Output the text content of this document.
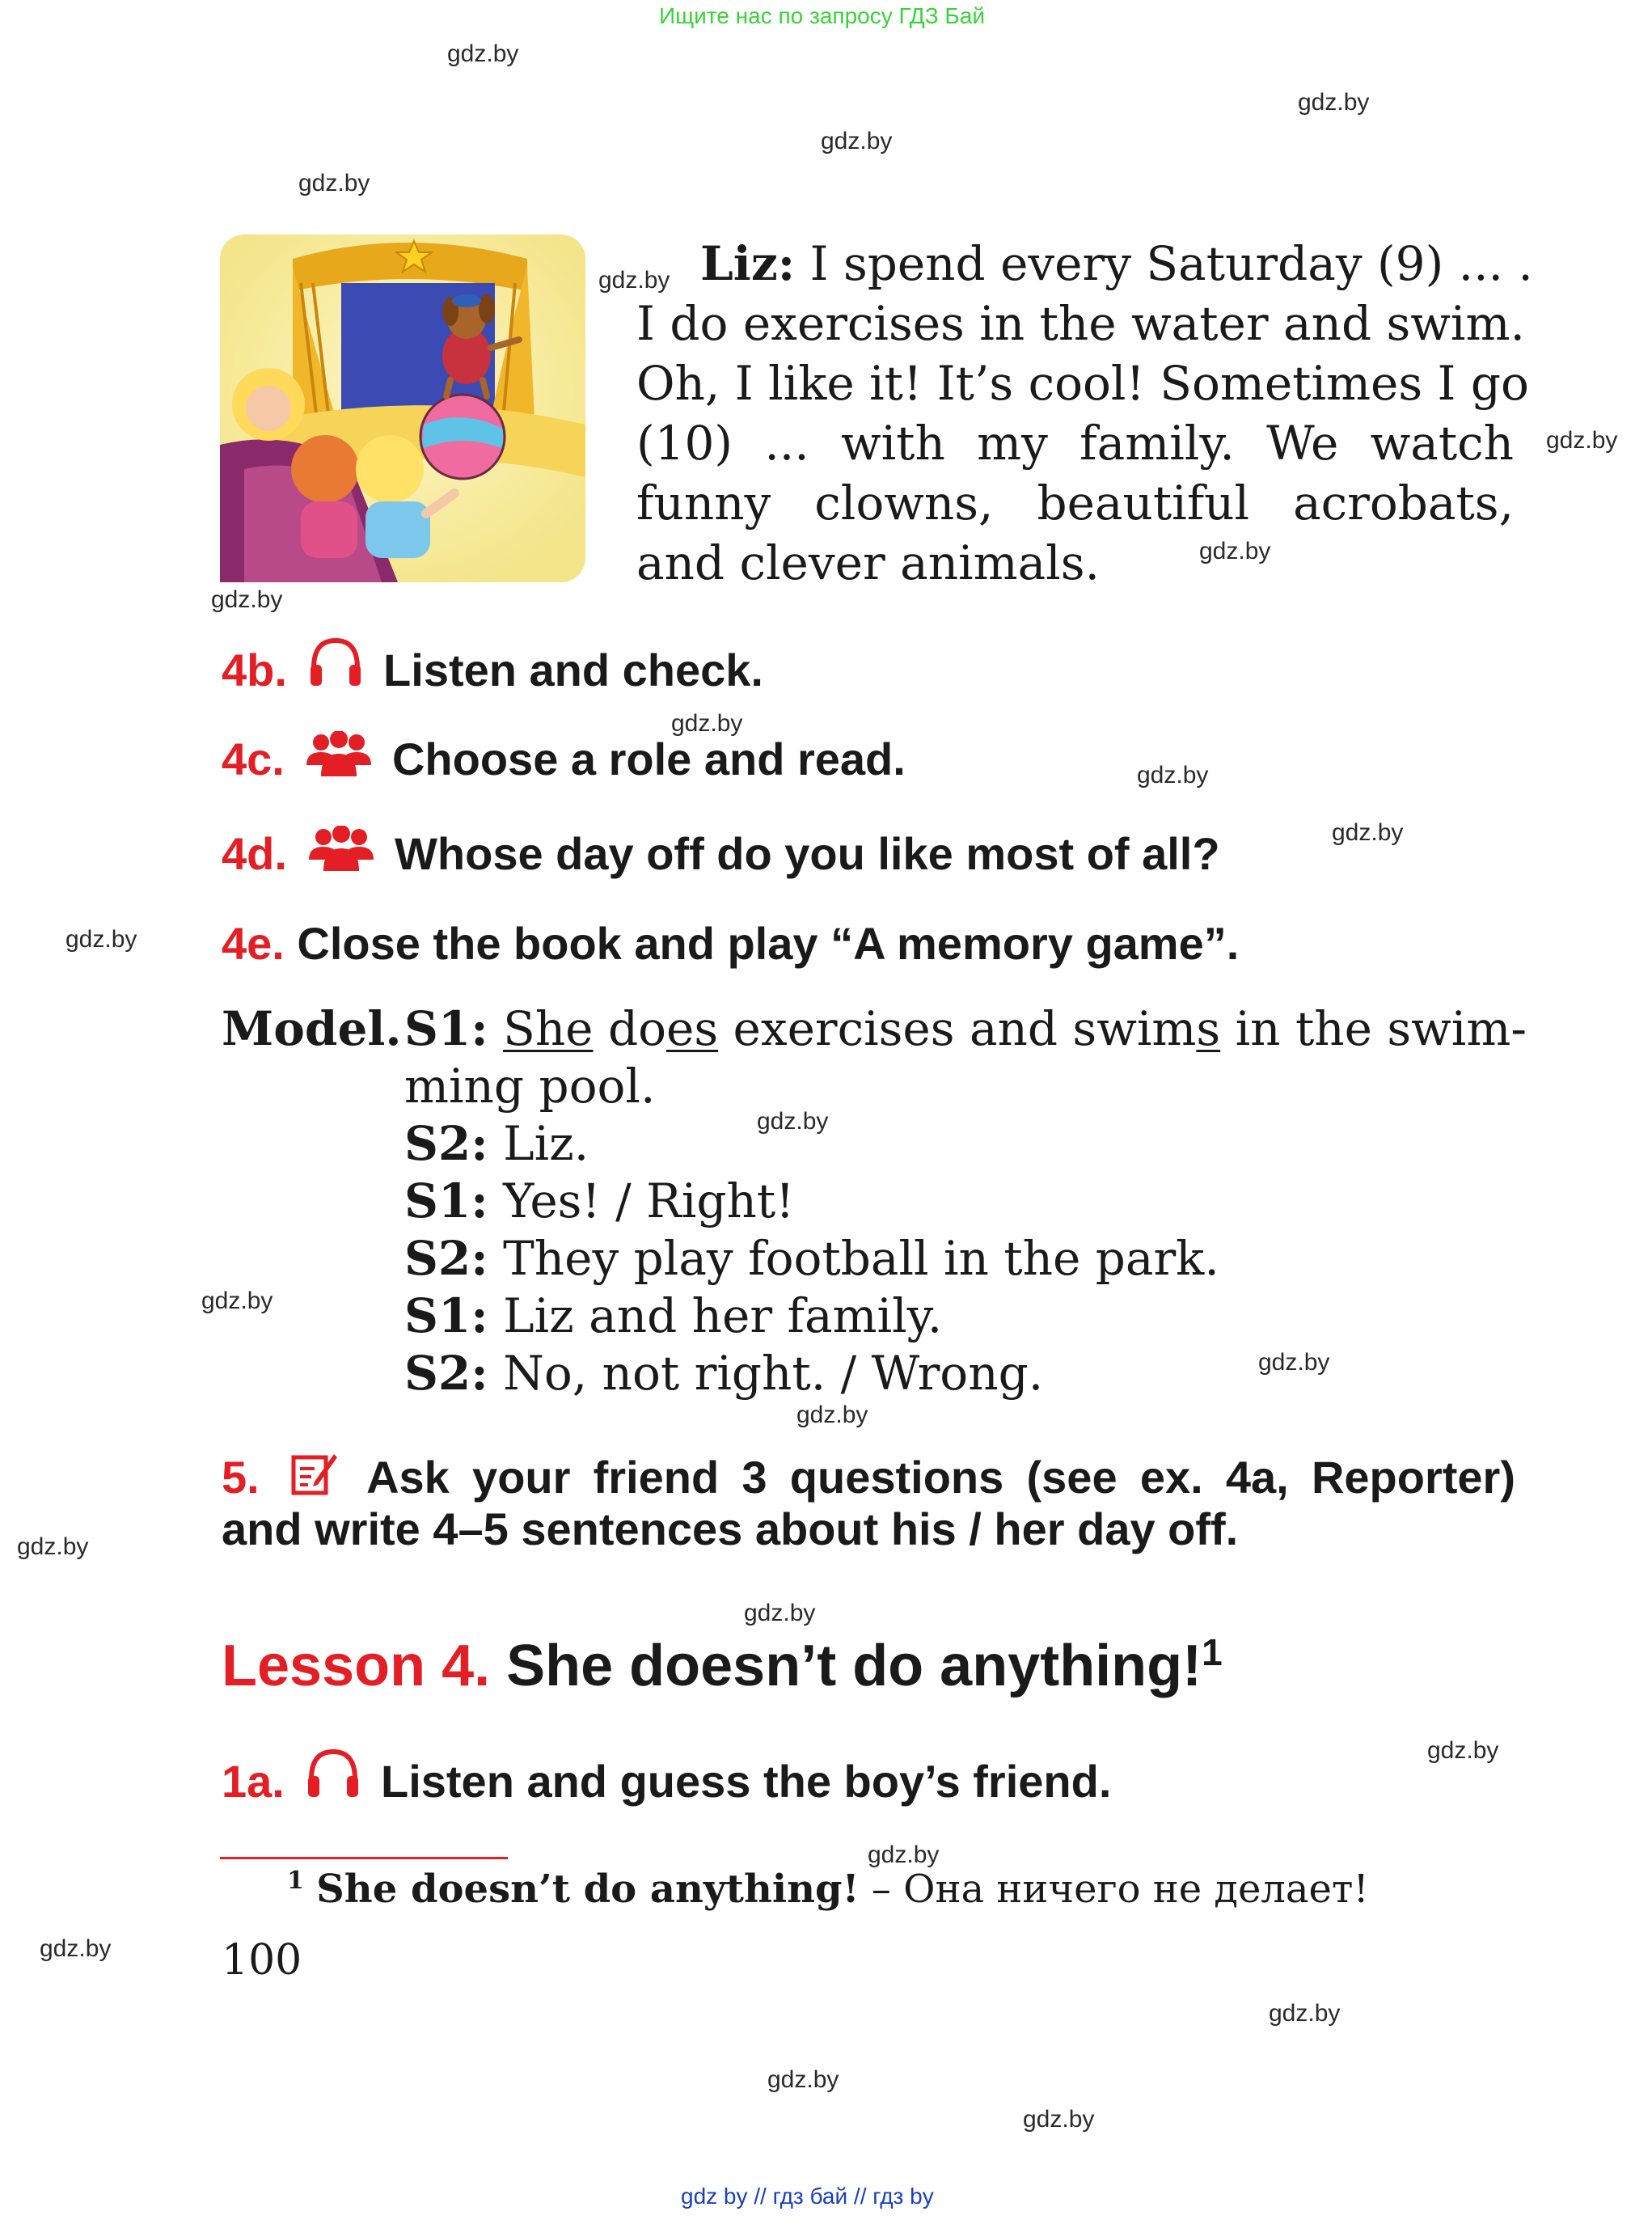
Ищите нас по запросу ГДЗ Бай
gdz.by
gdz.by
gdz.by
gdz.by
gdz.by
gdz.by
gdz.by
gdz.by
gdz.by
gdz.by
gdz.by
gdz.by
gdz.by
gdz.by
gdz.by
gdz.by
gdz.by
gdz.by
gdz.by
gdz.by
gdz.by
gdz.by
gdz.by
gdz.by
Liz: I spend every Saturday (9) ... .
I do exercises in the water and swim.
Oh, I like it! It’s cool! Sometimes I go
(10) ... with my family. We watch
funny clowns, beautiful acrobats,
and clever animals.
4b. Listen and check.
4c. Choose a role and read.
4d. Whose day off do you like most of all?
4e. Close the book and play “A memory game”.
Model. S1: She does exercises and swims in the swim-
ming pool.
S2: Liz.
S1: Yes! / Right!
S2: They play football in the park.
S1: Liz and her family.
S2: No, not right. / Wrong.
5. Ask your friend 3 questions (see ex. 4a, Reporter)
and write 4–5 sentences about his / her day off.
Lesson 4. She doesn’t do anything!$^1$
1a. Listen and guess the boy’s friend.
$^1$ She doesn’t do anything! – Она ничего не делает!
100
gdz by // гдз бай // гдз by
